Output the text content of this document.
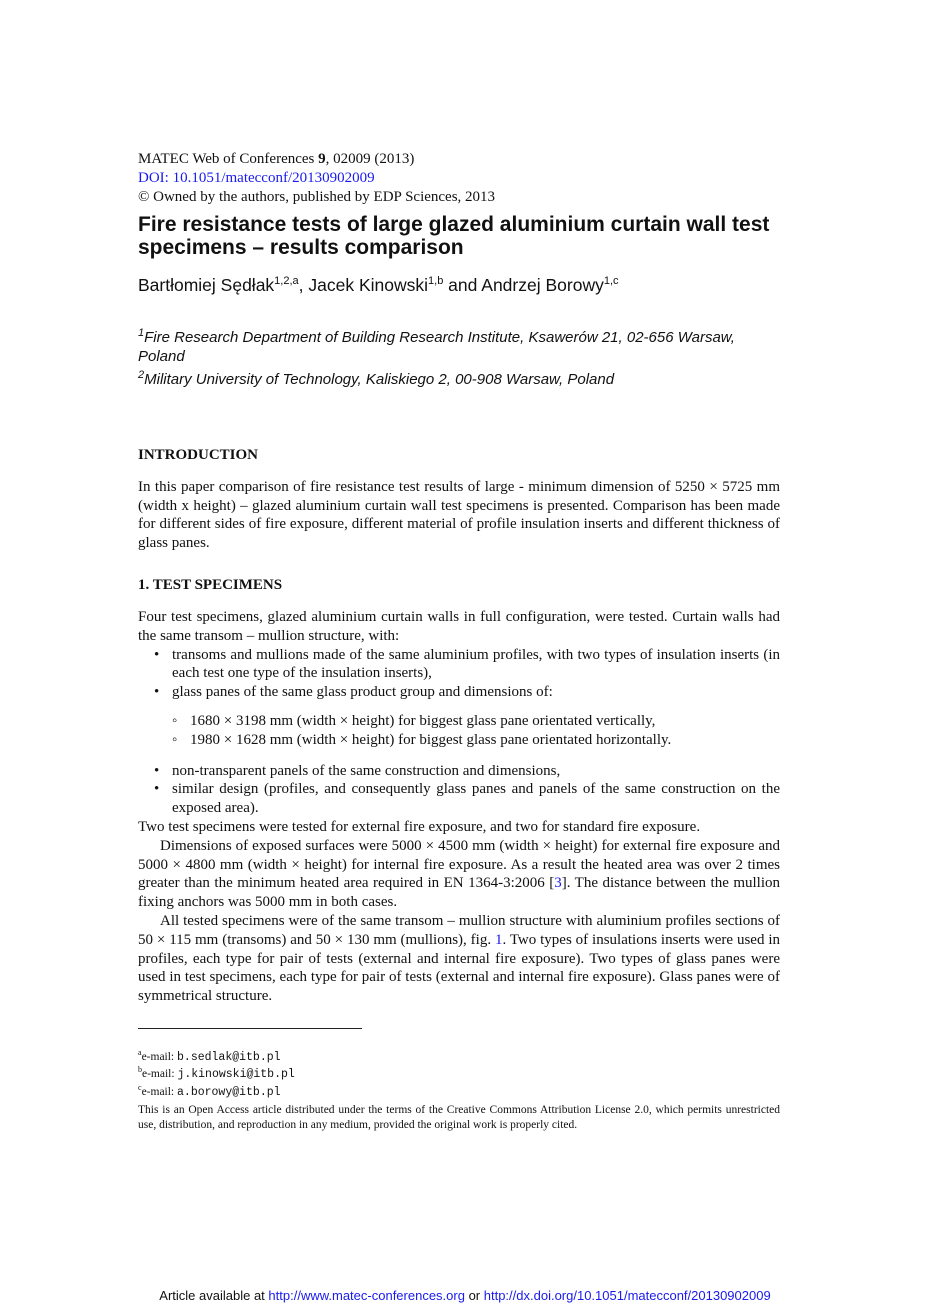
MATEC Web of Conferences 9, 02009 (2013)
DOI: 10.1051/matecconf/20130902009
© Owned by the authors, published by EDP Sciences, 2013
Fire resistance tests of large glazed aluminium curtain wall test specimens – results comparison
Bartłomiej Sędłak$^{1,2,a}$, Jacek Kinowski$^{1,b}$ and Andrzej Borowy$^{1,c}$
$^1$Fire Research Department of Building Research Institute, Ksawerów 21, 02-656 Warsaw, Poland
$^2$Military University of Technology, Kaliskiego 2, 00-908 Warsaw, Poland
INTRODUCTION
In this paper comparison of fire resistance test results of large - minimum dimension of 5250 × 5725 mm (width x height) – glazed aluminium curtain wall test specimens is presented. Comparison has been made for different sides of fire exposure, different material of profile insulation inserts and different thickness of glass panes.
1. TEST SPECIMENS
Four test specimens, glazed aluminium curtain walls in full configuration, were tested. Curtain walls had the same transom – mullion structure, with:
• transoms and mullions made of the same aluminium profiles, with two types of insulation inserts (in each test one type of the insulation inserts),
• glass panes of the same glass product group and dimensions of:
◦ 1680 × 3198 mm (width × height) for biggest glass pane orientated vertically,
◦ 1980 × 1628 mm (width × height) for biggest glass pane orientated horizontally.
• non-transparent panels of the same construction and dimensions,
• similar design (profiles, and consequently glass panes and panels of the same construction on the exposed area).
Two test specimens were tested for external fire exposure, and two for standard fire exposure.
Dimensions of exposed surfaces were 5000 × 4500 mm (width × height) for external fire exposure and 5000 × 4800 mm (width × height) for internal fire exposure. As a result the heated area was over 2 times greater than the minimum heated area required in EN 1364-3:2006 [3]. The distance between the mullion fixing anchors was 5000 mm in both cases.
All tested specimens were of the same transom – mullion structure with aluminium profiles sections of 50 × 115 mm (transoms) and 50 × 130 mm (mullions), fig. 1. Two types of insulations inserts were used in profiles, each type for pair of tests (external and internal fire exposure). Two types of glass panes were used in test specimens, each type for pair of tests (external and internal fire exposure). Glass panes were of symmetrical structure.
$^a$e-mail: b.sedlak@itb.pl
$^b$e-mail: j.kinowski@itb.pl
$^c$e-mail: a.borowy@itb.pl
This is an Open Access article distributed under the terms of the Creative Commons Attribution License 2.0, which permits unrestricted use, distribution, and reproduction in any medium, provided the original work is properly cited.
Article available at http://www.matec-conferences.org or http://dx.doi.org/10.1051/matecconf/20130902009
